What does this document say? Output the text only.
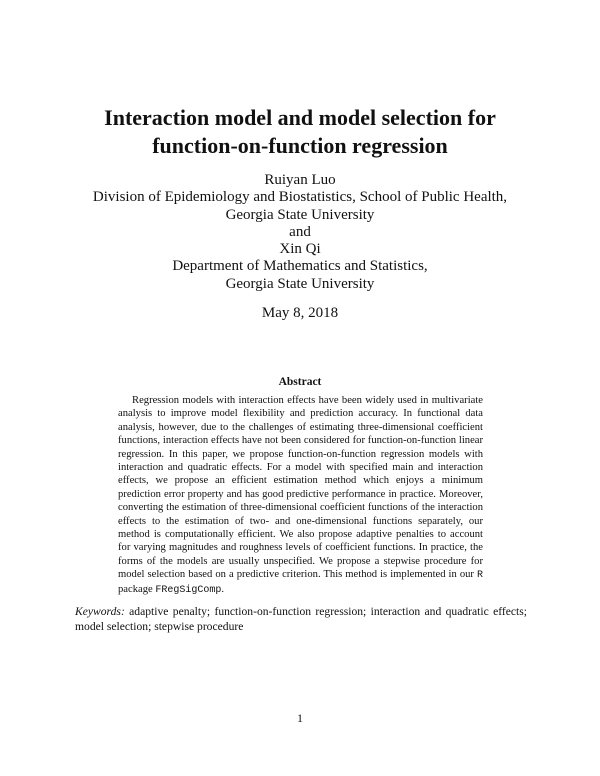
Interaction model and model selection for
function-on-function regression
Ruiyan Luo
Division of Epidemiology and Biostatistics, School of Public Health,
Georgia State University
and
Xin Qi
Department of Mathematics and Statistics,
Georgia State University
May 8, 2018
Abstract

Regression models with interaction effects have been widely used in multivariate analysis to improve model flexibility and prediction accuracy. In functional data analysis, however, due to the challenges of estimating three-dimensional coefficient functions, interaction effects have not been considered for function-on-function linear regression. In this paper, we propose function-on-function regression models with interaction and quadratic effects. For a model with specified main and interaction effects, we propose an efficient estimation method which enjoys a minimum prediction error property and has good predictive performance in practice. Moreover, converting the estimation of three-dimensional coefficient functions of the interaction effects to the estimation of two- and one-dimensional functions separately, our method is computationally efficient. We also propose adaptive penalties to account for varying magnitudes and roughness levels of coefficient functions. In practice, the forms of the models are usually unspecified. We propose a stepwise procedure for model selection based on a predictive criterion. This method is implemented in our R package FRegSigComp.

Keywords: adaptive penalty; function-on-function regression; interaction and quadratic effects; model selection; stepwise procedure

1
